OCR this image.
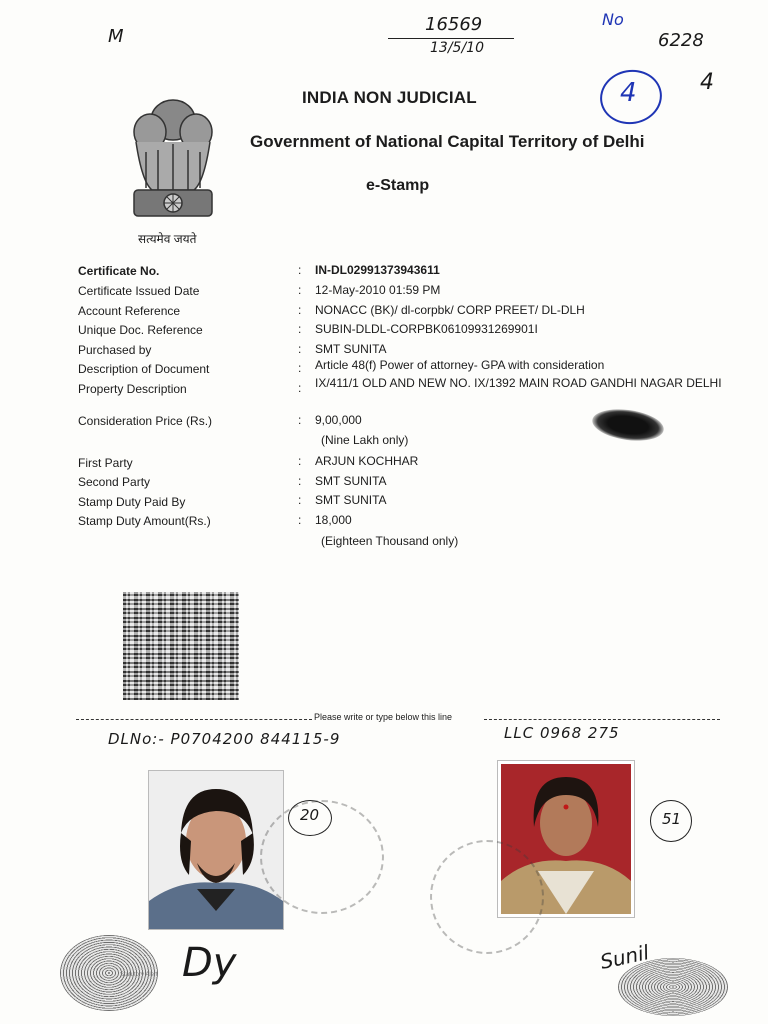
16569
13/5/10
M
No
6228
4
4
सत्यमेव जयते
INDIA NON JUDICIAL
Government of National Capital Territory of Delhi
e-Stamp
Certificate No.	: IN-DL02991373943611
Certificate Issued Date	: 12-May-2010 01:59 PM
Account Reference	: NONACC (BK)/ dl-corpbk/ CORP PREET/ DL-DLH
Unique Doc. Reference	: SUBIN-DLDL-CORPBK06109931269901I
Purchased by	: SMT SUNITA
Description of Document	: Article 48(f) Power of attorney- GPA with consideration
Property Description	: IX/411/1 OLD AND NEW NO. IX/1392 MAIN ROAD GANDHI NAGAR DELHI
Consideration Price (Rs.)	: 9,00,000
(Nine Lakh only)
First Party	: ARJUN KOCHHAR
Second Party	: SMT SUNITA
Stamp Duty Paid By	: SMT SUNITA
Stamp Duty Amount(Rs.)	: 18,000
(Eighteen Thousand only)
Please write or type below this line
DLNo:- P0704200 844115-9	LLC 0968 275
20	51
Dy	Sunil
Statutory Alert
